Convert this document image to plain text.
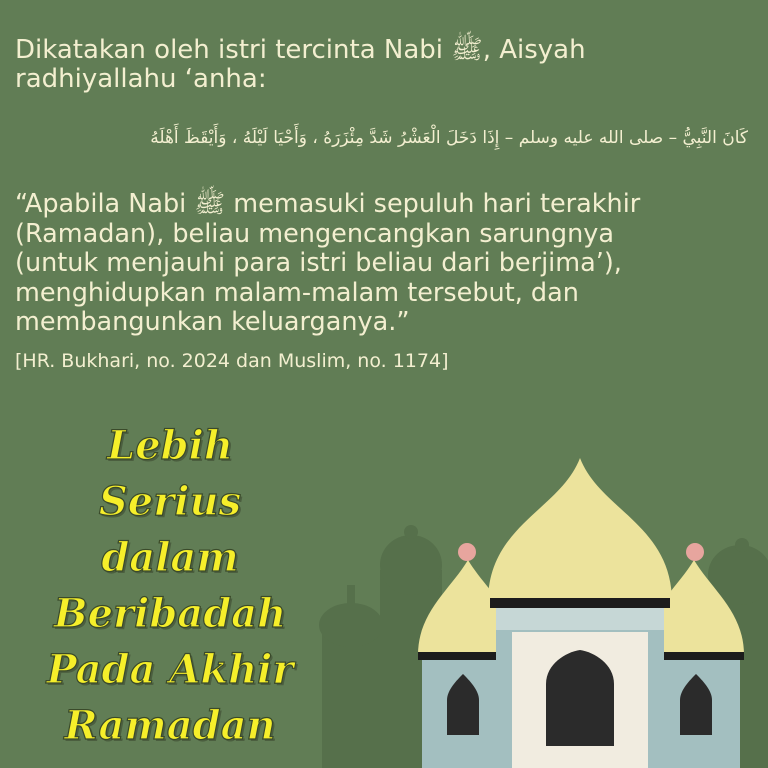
Dikatakan oleh istri tercinta Nabi ﷺ, Aisyah
radhiyallahu ‘anha:

كَانَ النَّبِيُّ – صلى الله عليه وسلم – إِذَا دَخَلَ الْعَشْرُ شَدَّ مِئْزَرَهُ ، وَأَحْيَا لَيْلَهُ ، وَأَيْقَظَ أَهْلَهُ

“Apabila Nabi ﷺ memasuki sepuluh hari terakhir
(Ramadan), beliau mengencangkan sarungnya
(untuk menjauhi para istri beliau dari berjima’),
menghidupkan malam-malam tersebut, dan
membangunkan keluarganya.”

[HR. Bukhari, no. 2024 dan Muslim, no. 1174]

Lebih
Serius
dalam
Beribadah
Pada Akhir
Ramadan
